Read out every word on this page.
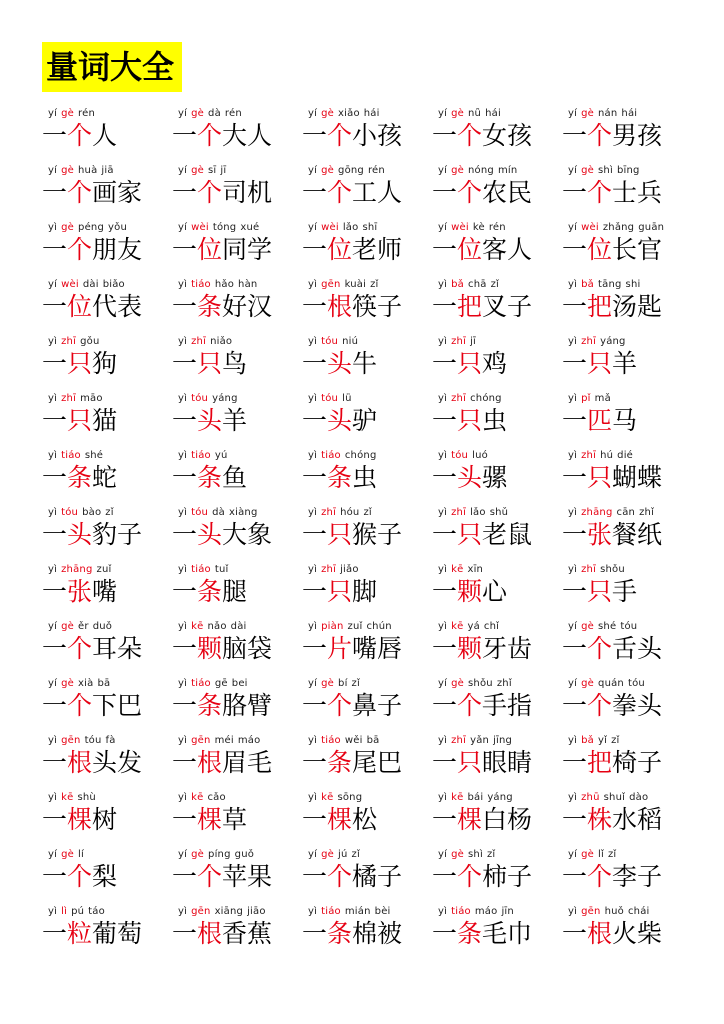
量词大全
yí gè rén
一个人
yí gè dà rén
一个大人
yí gè xiǎo hái
一个小孩
yí gè nǚ hái
一个女孩
yí gè nán hái
一个男孩
yí gè huà jiā
一个画家
yí gè sī jī
一个司机
yí gè gōng rén
一个工人
yí gè nóng mín
一个农民
yí gè shì bīng
一个士兵
yì gè péng yǒu
一个朋友
yí wèi tóng xué
一位同学
yí wèi lǎo shī
一位老师
yí wèi kè rén
一位客人
yí wèi zhǎng guān
一位长官
yí wèi dài biǎo
一位代表
yì tiáo hǎo hàn
一条好汉
yì gēn kuài zǐ
一根筷子
yì bǎ chā zǐ
一把叉子
yì bǎ tāng shi
一把汤匙
yì zhī gǒu
一只狗
yì zhī niǎo
一只鸟
yì tóu niú
一头牛
yì zhī jī
一只鸡
yì zhī yáng
一只羊
yì zhī māo
一只猫
yì tóu yáng
一头羊
yì tóu lǘ
一头驴
yì zhī chóng
一只虫
yì pǐ mǎ
一匹马
yì tiáo shé
一条蛇
yì tiáo yú
一条鱼
yì tiáo chóng
一条虫
yì tóu luó
一头骡
yì zhī hú dié
一只蝴蝶
yì tóu bào zǐ
一头豹子
yì tóu dà xiàng
一头大象
yì zhī hóu zǐ
一只猴子
yì zhī lǎo shǔ
一只老鼠
yì zhāng cān zhǐ
一张餐纸
yì zhāng zuǐ
一张嘴
yì tiáo tuǐ
一条腿
yì zhī jiǎo
一只脚
yì kē xīn
一颗心
yì zhī shǒu
一只手
yí gè ěr duǒ
一个耳朵
yì kē nǎo dài
一颗脑袋
yì piàn zuǐ chún
一片嘴唇
yì kē yá chǐ
一颗牙齿
yí gè shé tóu
一个舌头
yí gè xià bā
一个下巴
yì tiáo gē bei
一条胳臂
yí gè bí zǐ
一个鼻子
yí gè shǒu zhǐ
一个手指
yí gè quán tóu
一个拳头
yì gēn tóu fà
一根头发
yì gēn méi máo
一根眉毛
yì tiáo wěi bā
一条尾巴
yì zhī yǎn jīng
一只眼睛
yì bǎ yǐ zǐ
一把椅子
yì kē shù
一棵树
yì kē cǎo
一棵草
yì kē sōng
一棵松
yì kē bái yáng
一棵白杨
yì zhū shuǐ dào
一株水稻
yí gè lí
一个梨
yí gè píng guǒ
一个苹果
yí gè jú zǐ
一个橘子
yí gè shì zǐ
一个柿子
yí gè lǐ zǐ
一个李子
yì lì pú táo
一粒葡萄
yì gēn xiāng jiāo
一根香蕉
yì tiáo mián bèi
一条棉被
yì tiáo máo jīn
一条毛巾
yì gēn huǒ chái
一根火柴
